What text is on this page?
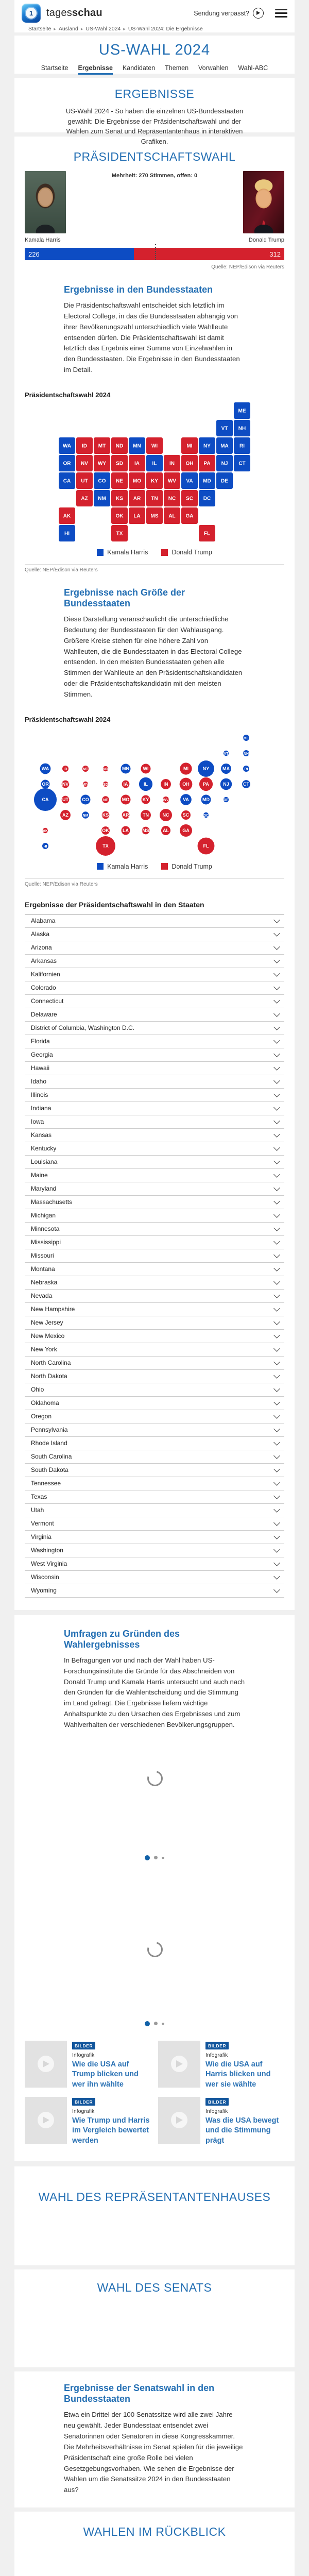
1	tagesschau	Sendung verpasst?
Startseite ▸ Ausland ▸ US-Wahl 2024 ▸ US-Wahl 2024: Die Ergebnisse
US-WAHL 2024
Startseite Ergebnisse Kandidaten Themen Vorwahlen Wahl-ABC
ERGEBNISSE

US-Wahl 2024 - So haben die einzelnen US-Bundesstaaten gewählt: Die Ergebnisse der Präsidentschaftswahl und der Wahlen zum Senat und Repräsentantenhaus in interaktiven Grafiken.

PRÄSIDENTSCHAFTSWAHL
Mehrheit: 270 Stimmen, offen: 0
Kamala Harris	Donald Trump
226	312
Quelle: NEP/Edison via Reuters
Ergebnisse in den Bundesstaaten

Die Präsidentschaftswahl entscheidet sich letztlich im Electoral College, in das die Bundesstaaten abhängig von ihrer Bevölkerungszahl unterschiedlich viele Wahlleute entsenden dürfen. Die Präsidentschaftswahl ist damit letztlich das Ergebnis einer Summe von Einzelwahlen in den Bundesstaaten. Die Ergebnisse in den Bundesstaaten im Detail.

Präsidentschaftswahl 2024
ME
VT NH
WA ID MT ND MN WI	MI NY MA RI
OR NV WY SD IA IL IN OH PA NJ CT
CA UT CO NE MO KY WV VA MD DE
AZ NM KS AR TN NC SC DC
AK	OK LA MS AL GA
HI	TX	FL
Kamala Harris	Donald Trump
Quelle: NEP/Edison via Reuters
Ergebnisse nach Größe der Bundesstaaten

Diese Darstellung veranschaulicht die unterschiedliche Bedeutung der Bundesstaaten für den Wahlausgang. Größere Kreise stehen für eine höhere Zahl von Wahlleuten, die die Bundesstaaten in das Electoral College entsenden. In den meisten Bundesstaaten gehen alle Stimmen der Wahlleute an den Präsidentschaftskandidaten oder die Präsidentschaftskandidatin mit den meisten Stimmen.

Präsidentschaftswahl 2024
ME
VT	NH
WA	ID	MT	ND	MN	WI	MI	NY	MA	RI
OR	NV	WY	SD	IA	IL	IN	OH	PA	NJ	CT
CA	UT	CO	NE	MO	KY	WV	VA	MD	DE
AZ	NM	KS	AR	TN	NC	SC	DC
AK	OK	LA	MS	AL	GA
HI	TX	FL
Kamala Harris	Donald Trump
Quelle: NEP/Edison via Reuters
Ergebnisse der Präsidentschaftswahl in den Staaten
Alabama
Alaska
Arizona
Arkansas
Kalifornien
Colorado
Connecticut
Delaware
District of Columbia, Washington D.C.
Florida
Georgia
Hawaii
Idaho
Illinois
Indiana
Iowa
Kansas
Kentucky
Louisiana
Maine
Maryland
Massachusetts
Michigan
Minnesota
Mississippi
Missouri
Montana
Nebraska
Nevada
New Hampshire
New Jersey
New Mexico
New York
North Carolina
North Dakota
Ohio
Oklahoma
Oregon
Pennsylvania
Rhode Island
South Carolina
South Dakota
Tennessee
Texas
Utah
Vermont
Virginia
Washington
West Virginia
Wisconsin
Wyoming
Umfragen zu Gründen des Wahlergebnisses

In Befragungen vor und nach der Wahl haben US-Forschungsinstitute die Gründe für das Abschneiden von Donald Trump und Kamala Harris untersucht und auch nach den Gründen für die Wahlentscheidung und die Stimmung im Land gefragt. Die Ergebnisse liefern wichtige Anhaltspunkte zu den Ursachen des Ergebnisses und zum Wahlverhalten der verschiedenen Bevölkerungsgruppen.

BILDER
Infografik
Wie die USA auf Trump blicken und wer ihn wählte
BILDER
Infografik
Wie die USA auf Harris blicken und wer sie wählte
BILDER
Infografik
Wie Trump und Harris im Vergleich bewertet werden
BILDER
Infografik
Was die USA bewegt und die Stimmung prägt
WAHL DES REPRÄSENTANTENHAUSES
WAHL DES SENATS
Ergebnisse der Senatswahl in den Bundesstaaten

Etwa ein Drittel der 100 Senatssitze wird alle zwei Jahre neu gewählt. Jeder Bundesstaat entsendet zwei Senatorinnen oder Senatoren in diese Kongresskammer. Die Mehrheitsverhältnisse im Senat spielen für die jeweilige Präsidentschaft eine große Rolle bei vielen Gesetzgebungsvorhaben. Wie sehen die Ergebnisse der Wahlen um die Senatssitze 2024 in den Bundesstaaten aus?

WAHLEN IM RÜCKBLICK
